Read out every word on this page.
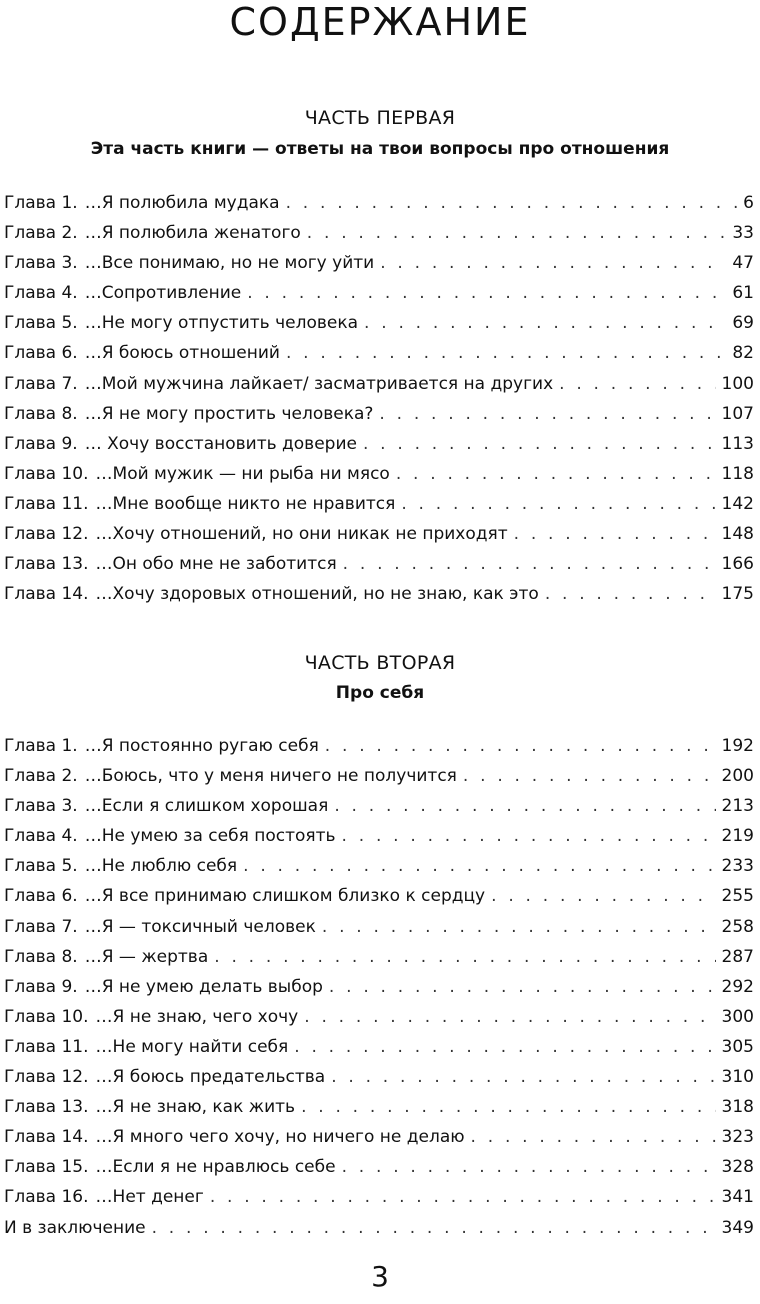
СОДЕРЖАНИЕ
ЧАСТЬ ПЕРВАЯ
Эта часть книги — ответы на твои вопросы про отношения
Глава 1. …Я полюбила мудака . . .	6
Глава 2. …Я полюбила женатого . . .	33
Глава 3. …Все понимаю, но не могу уйти . . .	47
Глава 4. …Сопротивление . . .	61
Глава 5. …Не могу отпустить человека . . .	69
Глава 6. …Я боюсь отношений . . .	82
Глава 7. …Мой мужчина лайкает/ засматривается на других . . .	100
Глава 8. …Я не могу простить человека? . . .	107
Глава 9. … Хочу восстановить доверие . . .	113
Глава 10. …Мой мужик — ни рыба ни мясо . . .	118
Глава 11. …Мне вообще никто не нравится . . .	142
Глава 12. …Хочу отношений, но они никак не приходят . . .	148
Глава 13. …Он обо мне не заботится . . .	166
Глава 14. …Хочу здоровых отношений, но не знаю, как это . . .	175
ЧАСТЬ ВТОРАЯ
Про себя
Глава 1. …Я постоянно ругаю себя . . .	192
Глава 2. …Боюсь, что у меня ничего не получится . . .	200
Глава 3. …Если я слишком хорошая . . .	213
Глава 4. …Не умею за себя постоять . . .	219
Глава 5. …Не люблю себя . . .	233
Глава 6. …Я все принимаю слишком близко к сердцу . . .	255
Глава 7. …Я — токсичный человек . . .	258
Глава 8. …Я — жертва . . .	287
Глава 9. …Я не умею делать выбор . . .	292
Глава 10. …Я не знаю, чего хочу . . .	300
Глава 11. …Не могу найти себя . . .	305
Глава 12. …Я боюсь предательства . . .	310
Глава 13. …Я не знаю, как жить . . .	318
Глава 14. …Я много чего хочу, но ничего не делаю . . .	323
Глава 15. …Если я не нравлюсь себе . . .	328
Глава 16. …Нет денег . . .	341
И в заключение . . .	349
3
